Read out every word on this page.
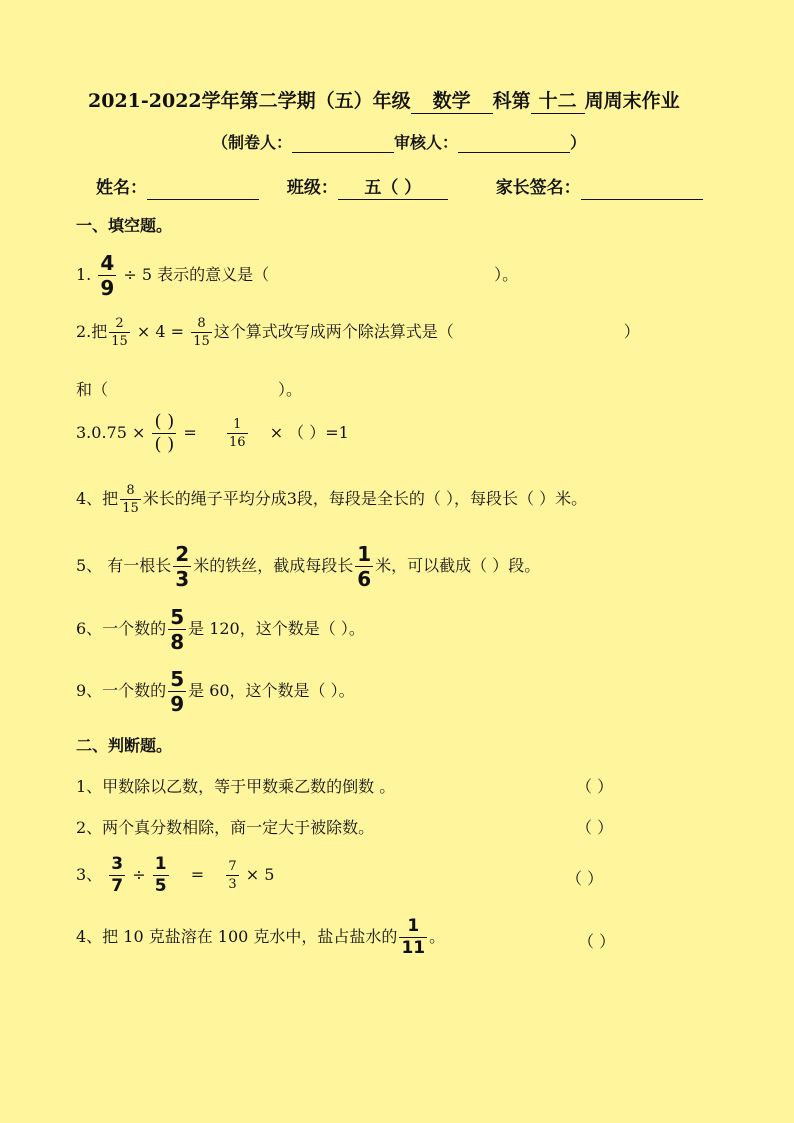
2021-2022学年第二学期（五）年级 数学 科第 十二 周周末作业
（制卷人：	审核人：	）
姓名：	班级： 五（ ）	家长签名：
一、填空题。
1. $\frac{4}{9} \div 5$ 表示的意义是（	）。
2.把 $\frac{2}{15} \times 4 = \frac{8}{15}$ 这个算式改写成两个除法算式是（	）
和（	）。
$3.0.75 \times \frac{( )}{( )} = \frac{1}{16}$ × （ ）=1
4、把 $\frac{8}{15}$ 米长的绳子平均分成3段，每段是全长的（ ），每段长（ ）米。
5、 有一根长 $\frac{2}{3}$ 米的铁丝，截成每段长 $\frac{1}{6}$ 米，可以截成（ ）段。
6、一个数的 $\frac{5}{8}$ 是 120，这个数是（ ）。
9、一个数的 $\frac{5}{9}$ 是 60，这个数是（ ）。
二、判断题。
1、甲数除以乙数，等于甲数乘乙数的倒数 。	（ ）
2、两个真分数相除，商一定大于被除数。	（ ）
3、 $\frac{3}{7} \div \frac{1}{5} = \frac{7}{3} \times 5$	（ ）
4、把 10 克盐溶在 100 克水中，盐占盐水的 $\frac{1}{11}$ 。	（ ）
